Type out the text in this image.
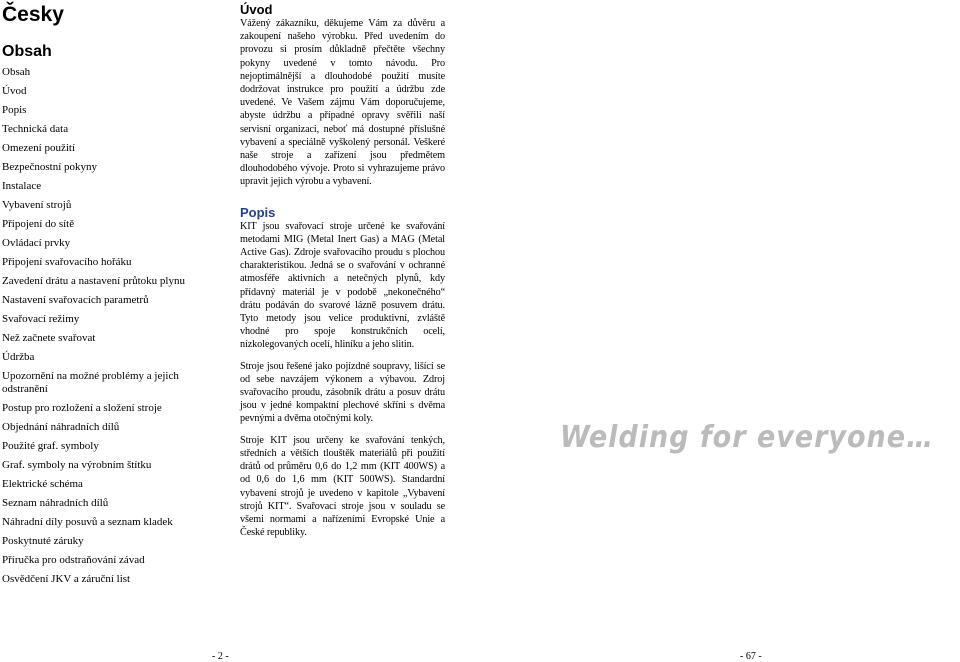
Česky
Obsah
Obsah
Úvod
Popis
Technická data
Omezení použití
Bezpečnostní pokyny
Instalace
Vybavení strojů
Připojení do sítě
Ovládací prvky
Připojení svařovacího hořáku
Zavedení drátu a nastavení průtoku plynu
Nastavení svařovacích parametrů
Svařovací režimy
Než začnete svařovat
Údržba
Upozornění na možné problémy a jejich odstranění
Postup pro rozložení a složení stroje
Objednání náhradních dílů
Použité graf. symboly
Graf. symboly na výrobním štítku
Elektrické schéma
Seznam náhradních dílů
Náhradní díly posuvů a seznam kladek
Poskytnuté záruky
Příručka pro odstraňování závad
Osvědčení JKV a záruční list
Úvod

Vážený zákazníku, děkujeme Vám za důvěru a zakoupení našeho výrobku. Před uvedením do provozu si prosím důkladně přečtěte všechny pokyny uvedené v tomto návodu. Pro nejoptimálnější a dlouhodobé použití musíte dodržovat instrukce pro použití a údržbu zde uvedené. Ve Vašem zájmu Vám doporučujeme, abyste údržbu a případné opravy svěřili naší servisní organizaci, neboť má dostupné příslušné vybavení a speciálně vyškolený personál. Veškeré naše stroje a zařízení jsou předmětem dlouhodobého vývoje. Proto si vyhrazujeme právo upravit jejich výrobu a vybavení.

Popis

KIT jsou svařovací stroje určené ke svařování metodami MIG (Metal Inert Gas) a MAG (Metal Active Gas). Zdroje svařovacího proudu s plochou charakteristikou. Jedná se o svařování v ochranné atmosféře aktivních a netečných plynů, kdy přídavný materiál je v podobě „nekonečného“ drátu podáván do svarové lázně posuvem drátu. Tyto metody jsou velice produktivní, zvláště vhodné pro spoje konstrukčních ocelí, nízkolegovaných ocelí, hliníku a jeho slitin.

Stroje jsou řešené jako pojízdné soupravy, lišící se od sebe navzájem výkonem a výbavou. Zdroj svařovacího proudu, zásobník drátu a posuv drátu jsou v jedné kompaktní plechové skříni s dvěma pevnými a dvěma otočnými koly.

Stroje KIT jsou určeny ke svařování tenkých, středních a větších tlouštěk materiálů při použití drátů od průměru 0,6 do 1,2 mm (KIT 400WS) a od 0,6 do 1,6 mm (KIT 500WS). Standardní vybavení strojů je uvedeno v kapitole „Vybavení strojů KIT“. Svařovací stroje jsou v souladu se všemi normami a nařízeními Evropské Unie a České republiky.

Welding for everyone…
- 2 -	- 67 -
